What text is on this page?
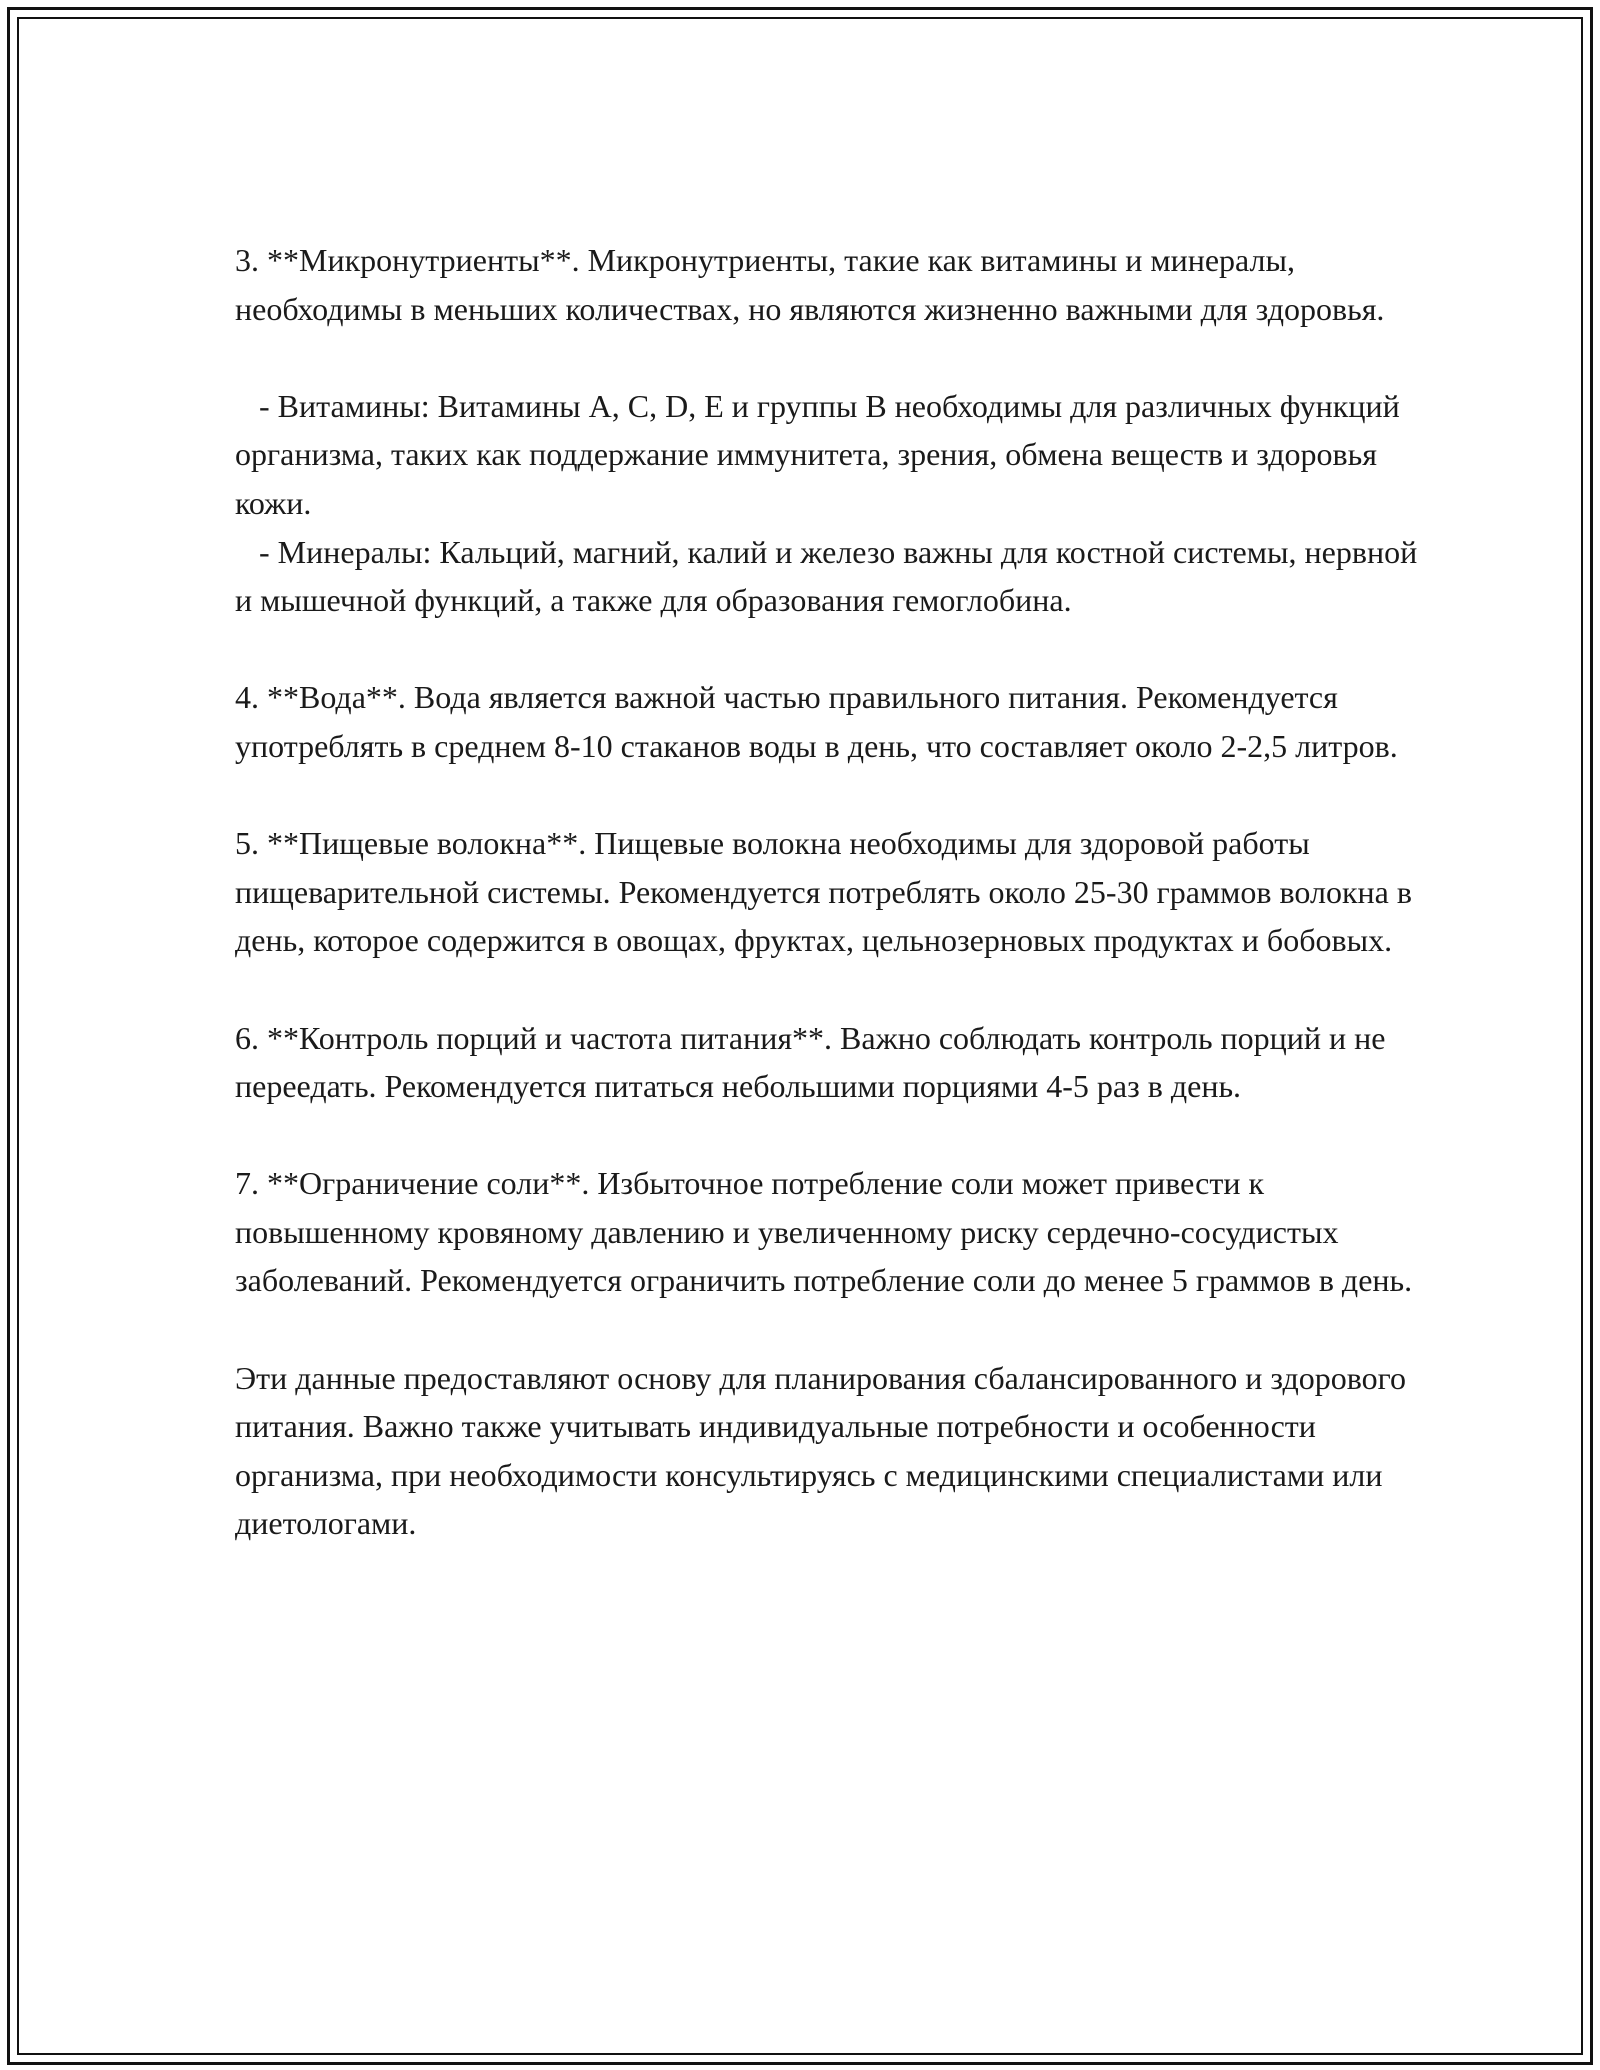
3. **Микронутриенты**. Микронутриенты, такие как витамины и минералы, необходимы в меньших количествах, но являются жизненно важными для здоровья.

- Витамины: Витамины A, C, D, E и группы B необходимы для различных функций организма, таких как поддержание иммунитета, зрения, обмена веществ и здоровья кожи.

- Минералы: Кальций, магний, калий и железо важны для костной системы, нервной и мышечной функций, а также для образования гемоглобина.

4. **Вода**. Вода является важной частью правильного питания. Рекомендуется употреблять в среднем 8-10 стаканов воды в день, что составляет около 2-2,5 литров.

5. **Пищевые волокна**. Пищевые волокна необходимы для здоровой работы пищеварительной системы. Рекомендуется потреблять около 25-30 граммов волокна в день, которое содержится в овощах, фруктах, цельнозерновых продуктах и бобовых.

6. **Контроль порций и частота питания**. Важно соблюдать контроль порций и не переедать. Рекомендуется питаться небольшими порциями 4-5 раз в день.

7. **Ограничение соли**. Избыточное потребление соли может привести к повышенному кровяному давлению и увеличенному риску сердечно-сосудистых заболеваний. Рекомендуется ограничить потребление соли до менее 5 граммов в день.

Эти данные предоставляют основу для планирования сбалансированного и здорового питания. Важно также учитывать индивидуальные потребности и особенности организма, при необходимости консультируясь с медицинскими специалистами или диетологами.
